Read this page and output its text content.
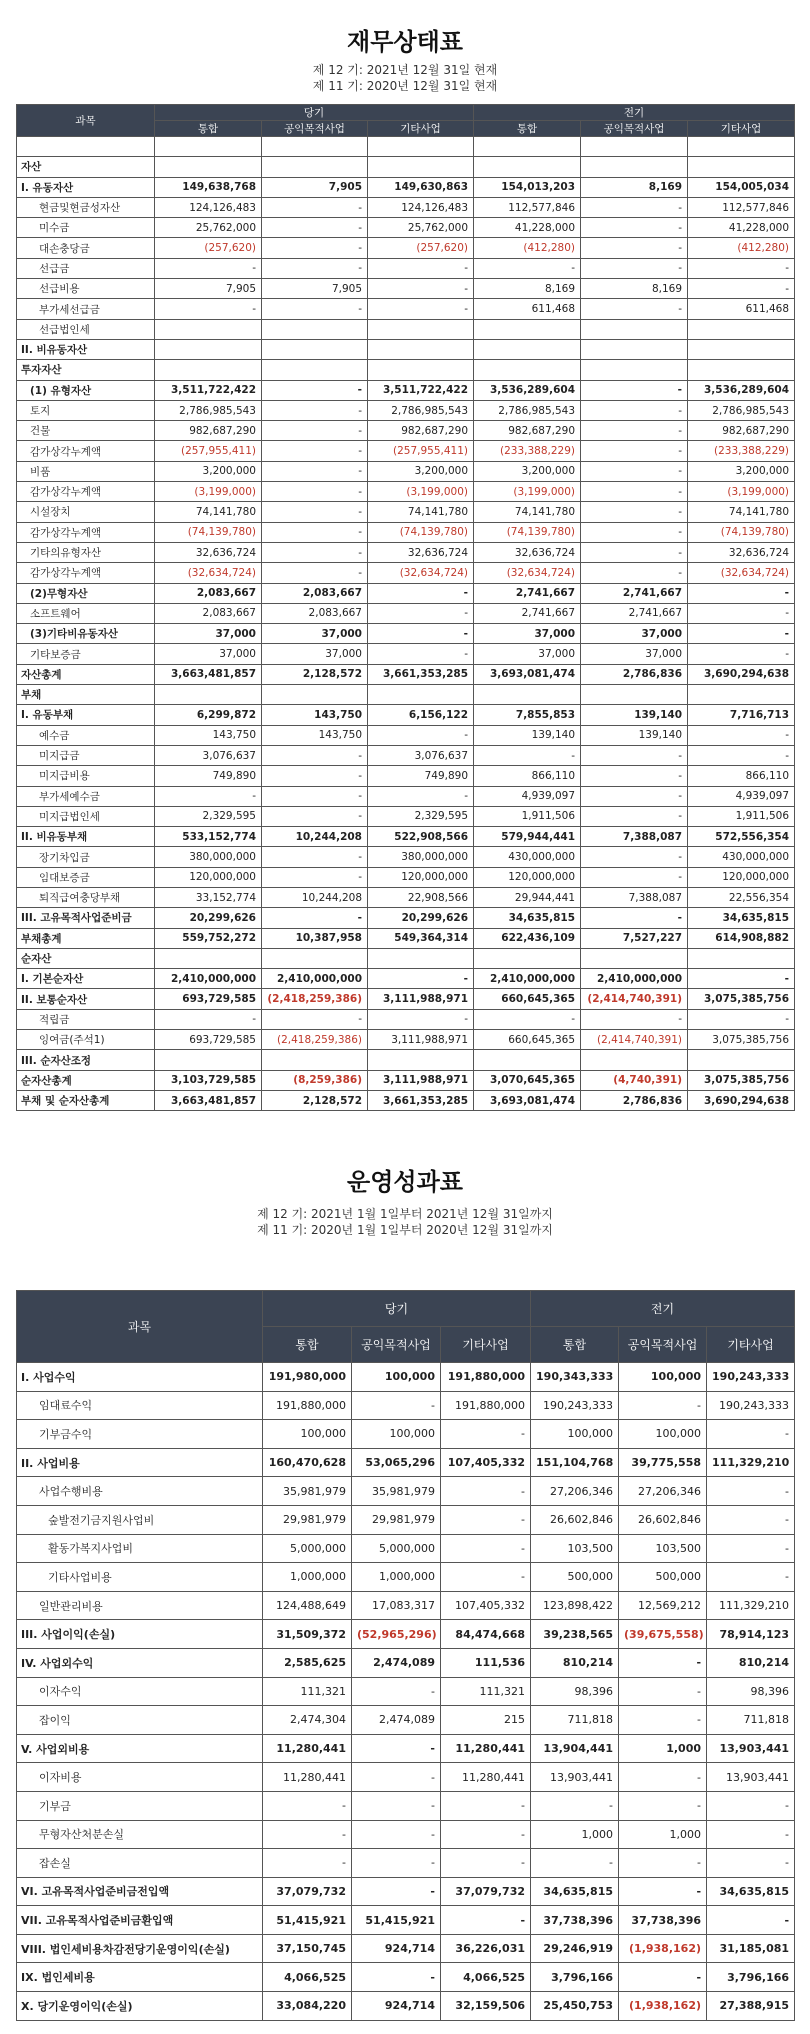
재무상태표
제 12 기: 2021년 12월 31일 현재
제 11 기: 2020년 12월 31일 현재
과목	당기			전기		
	통합	공익목적사업	기타사업	통합	공익목적사업	기타사업

자산						
I. 유동자산	149,638,768	7,905	149,630,863	154,013,203	8,169	154,005,034
현금및현금성자산	124,126,483	-	124,126,483	112,577,846	-	112,577,846
미수금	25,762,000	-	25,762,000	41,228,000	-	41,228,000
대손충당금	(257,620)	-	(257,620)	(412,280)	-	(412,280)
선급금	-	-	-	-	-	-
선급비용	7,905	7,905	-	8,169	8,169	-
부가세선급금	-	-	-	611,468	-	611,468
선급법인세						
II. 비유동자산						
투자자산						
(1) 유형자산	3,511,722,422	-	3,511,722,422	3,536,289,604	-	3,536,289,604
토지	2,786,985,543	-	2,786,985,543	2,786,985,543	-	2,786,985,543
건물	982,687,290	-	982,687,290	982,687,290	-	982,687,290
감가상각누계액	(257,955,411)	-	(257,955,411)	(233,388,229)	-	(233,388,229)
비품	3,200,000	-	3,200,000	3,200,000	-	3,200,000
감가상각누계액	(3,199,000)	-	(3,199,000)	(3,199,000)	-	(3,199,000)
시설장치	74,141,780	-	74,141,780	74,141,780	-	74,141,780
감가상각누계액	(74,139,780)	-	(74,139,780)	(74,139,780)	-	(74,139,780)
기타의유형자산	32,636,724	-	32,636,724	32,636,724	-	32,636,724
감가상각누계액	(32,634,724)	-	(32,634,724)	(32,634,724)	-	(32,634,724)
(2)무형자산	2,083,667	2,083,667	-	2,741,667	2,741,667	-
소프트웨어	2,083,667	2,083,667	-	2,741,667	2,741,667	-
(3)기타비유동자산	37,000	37,000	-	37,000	37,000	-
기타보증금	37,000	37,000	-	37,000	37,000	-
자산총계	3,663,481,857	2,128,572	3,661,353,285	3,693,081,474	2,786,836	3,690,294,638
부채						
I. 유동부채	6,299,872	143,750	6,156,122	7,855,853	139,140	7,716,713
예수금	143,750	143,750	-	139,140	139,140	-
미지급금	3,076,637	-	3,076,637	-	-	-
미지급비용	749,890	-	749,890	866,110	-	866,110
부가세예수금	-	-	-	4,939,097	-	4,939,097
미지급법인세	2,329,595	-	2,329,595	1,911,506	-	1,911,506
II. 비유동부채	533,152,774	10,244,208	522,908,566	579,944,441	7,388,087	572,556,354
장기차입금	380,000,000	-	380,000,000	430,000,000	-	430,000,000
임대보증금	120,000,000	-	120,000,000	120,000,000	-	120,000,000
퇴직급여충당부채	33,152,774	10,244,208	22,908,566	29,944,441	7,388,087	22,556,354
III. 고유목적사업준비금	20,299,626	-	20,299,626	34,635,815	-	34,635,815
부채총계	559,752,272	10,387,958	549,364,314	622,436,109	7,527,227	614,908,882
순자산						
I. 기본순자산	2,410,000,000	2,410,000,000	-	2,410,000,000	2,410,000,000	-
II. 보통순자산	693,729,585	(2,418,259,386)	3,111,988,971	660,645,365	(2,414,740,391)	3,075,385,756
적립금	-	-	-	-	-	-
잉여금(주석1)	693,729,585	(2,418,259,386)	3,111,988,971	660,645,365	(2,414,740,391)	3,075,385,756
III. 순자산조정						
순자산총계	3,103,729,585	(8,259,386)	3,111,988,971	3,070,645,365	(4,740,391)	3,075,385,756
부채 및 순자산총계	3,663,481,857	2,128,572	3,661,353,285	3,693,081,474	2,786,836	3,690,294,638
운영성과표
제 12 기: 2021년 1월 1일부터 2021년 12월 31일까지
제 11 기: 2020년 1월 1일부터 2020년 12월 31일까지
과목	당기			전기		
	통합	공익목적사업	기타사업	통합	공익목적사업	기타사업
I. 사업수익	191,980,000	100,000	191,880,000	190,343,333	100,000	190,243,333
임대료수익	191,880,000	-	191,880,000	190,243,333	-	190,243,333
기부금수익	100,000	100,000	-	100,000	100,000	-
II. 사업비용	160,470,628	53,065,296	107,405,332	151,104,768	39,775,558	111,329,210
사업수행비용	35,981,979	35,981,979	-	27,206,346	27,206,346	-
숲발전기금지원사업비	29,981,979	29,981,979	-	26,602,846	26,602,846	-
활동가복지사업비	5,000,000	5,000,000	-	103,500	103,500	-
기타사업비용	1,000,000	1,000,000	-	500,000	500,000	-
일반관리비용	124,488,649	17,083,317	107,405,332	123,898,422	12,569,212	111,329,210
III. 사업이익(손실)	31,509,372	(52,965,296)	84,474,668	39,238,565	(39,675,558)	78,914,123
IV. 사업외수익	2,585,625	2,474,089	111,536	810,214	-	810,214
이자수익	111,321	-	111,321	98,396	-	98,396
잡이익	2,474,304	2,474,089	215	711,818	-	711,818
V. 사업외비용	11,280,441	-	11,280,441	13,904,441	1,000	13,903,441
이자비용	11,280,441	-	11,280,441	13,903,441	-	13,903,441
기부금	-	-	-	-	-	-
무형자산처분손실	-	-	-	1,000	1,000	-
잡손실	-	-	-	-	-	-
VI. 고유목적사업준비금전입액	37,079,732	-	37,079,732	34,635,815	-	34,635,815
VII. 고유목적사업준비금환입액	51,415,921	51,415,921	-	37,738,396	37,738,396	-
VIII. 법인세비용차감전당기운영이익(손실)	37,150,745	924,714	36,226,031	29,246,919	(1,938,162)	31,185,081
IX. 법인세비용	4,066,525	-	4,066,525	3,796,166	-	3,796,166
X. 당기운영이익(손실)	33,084,220	924,714	32,159,506	25,450,753	(1,938,162)	27,388,915
